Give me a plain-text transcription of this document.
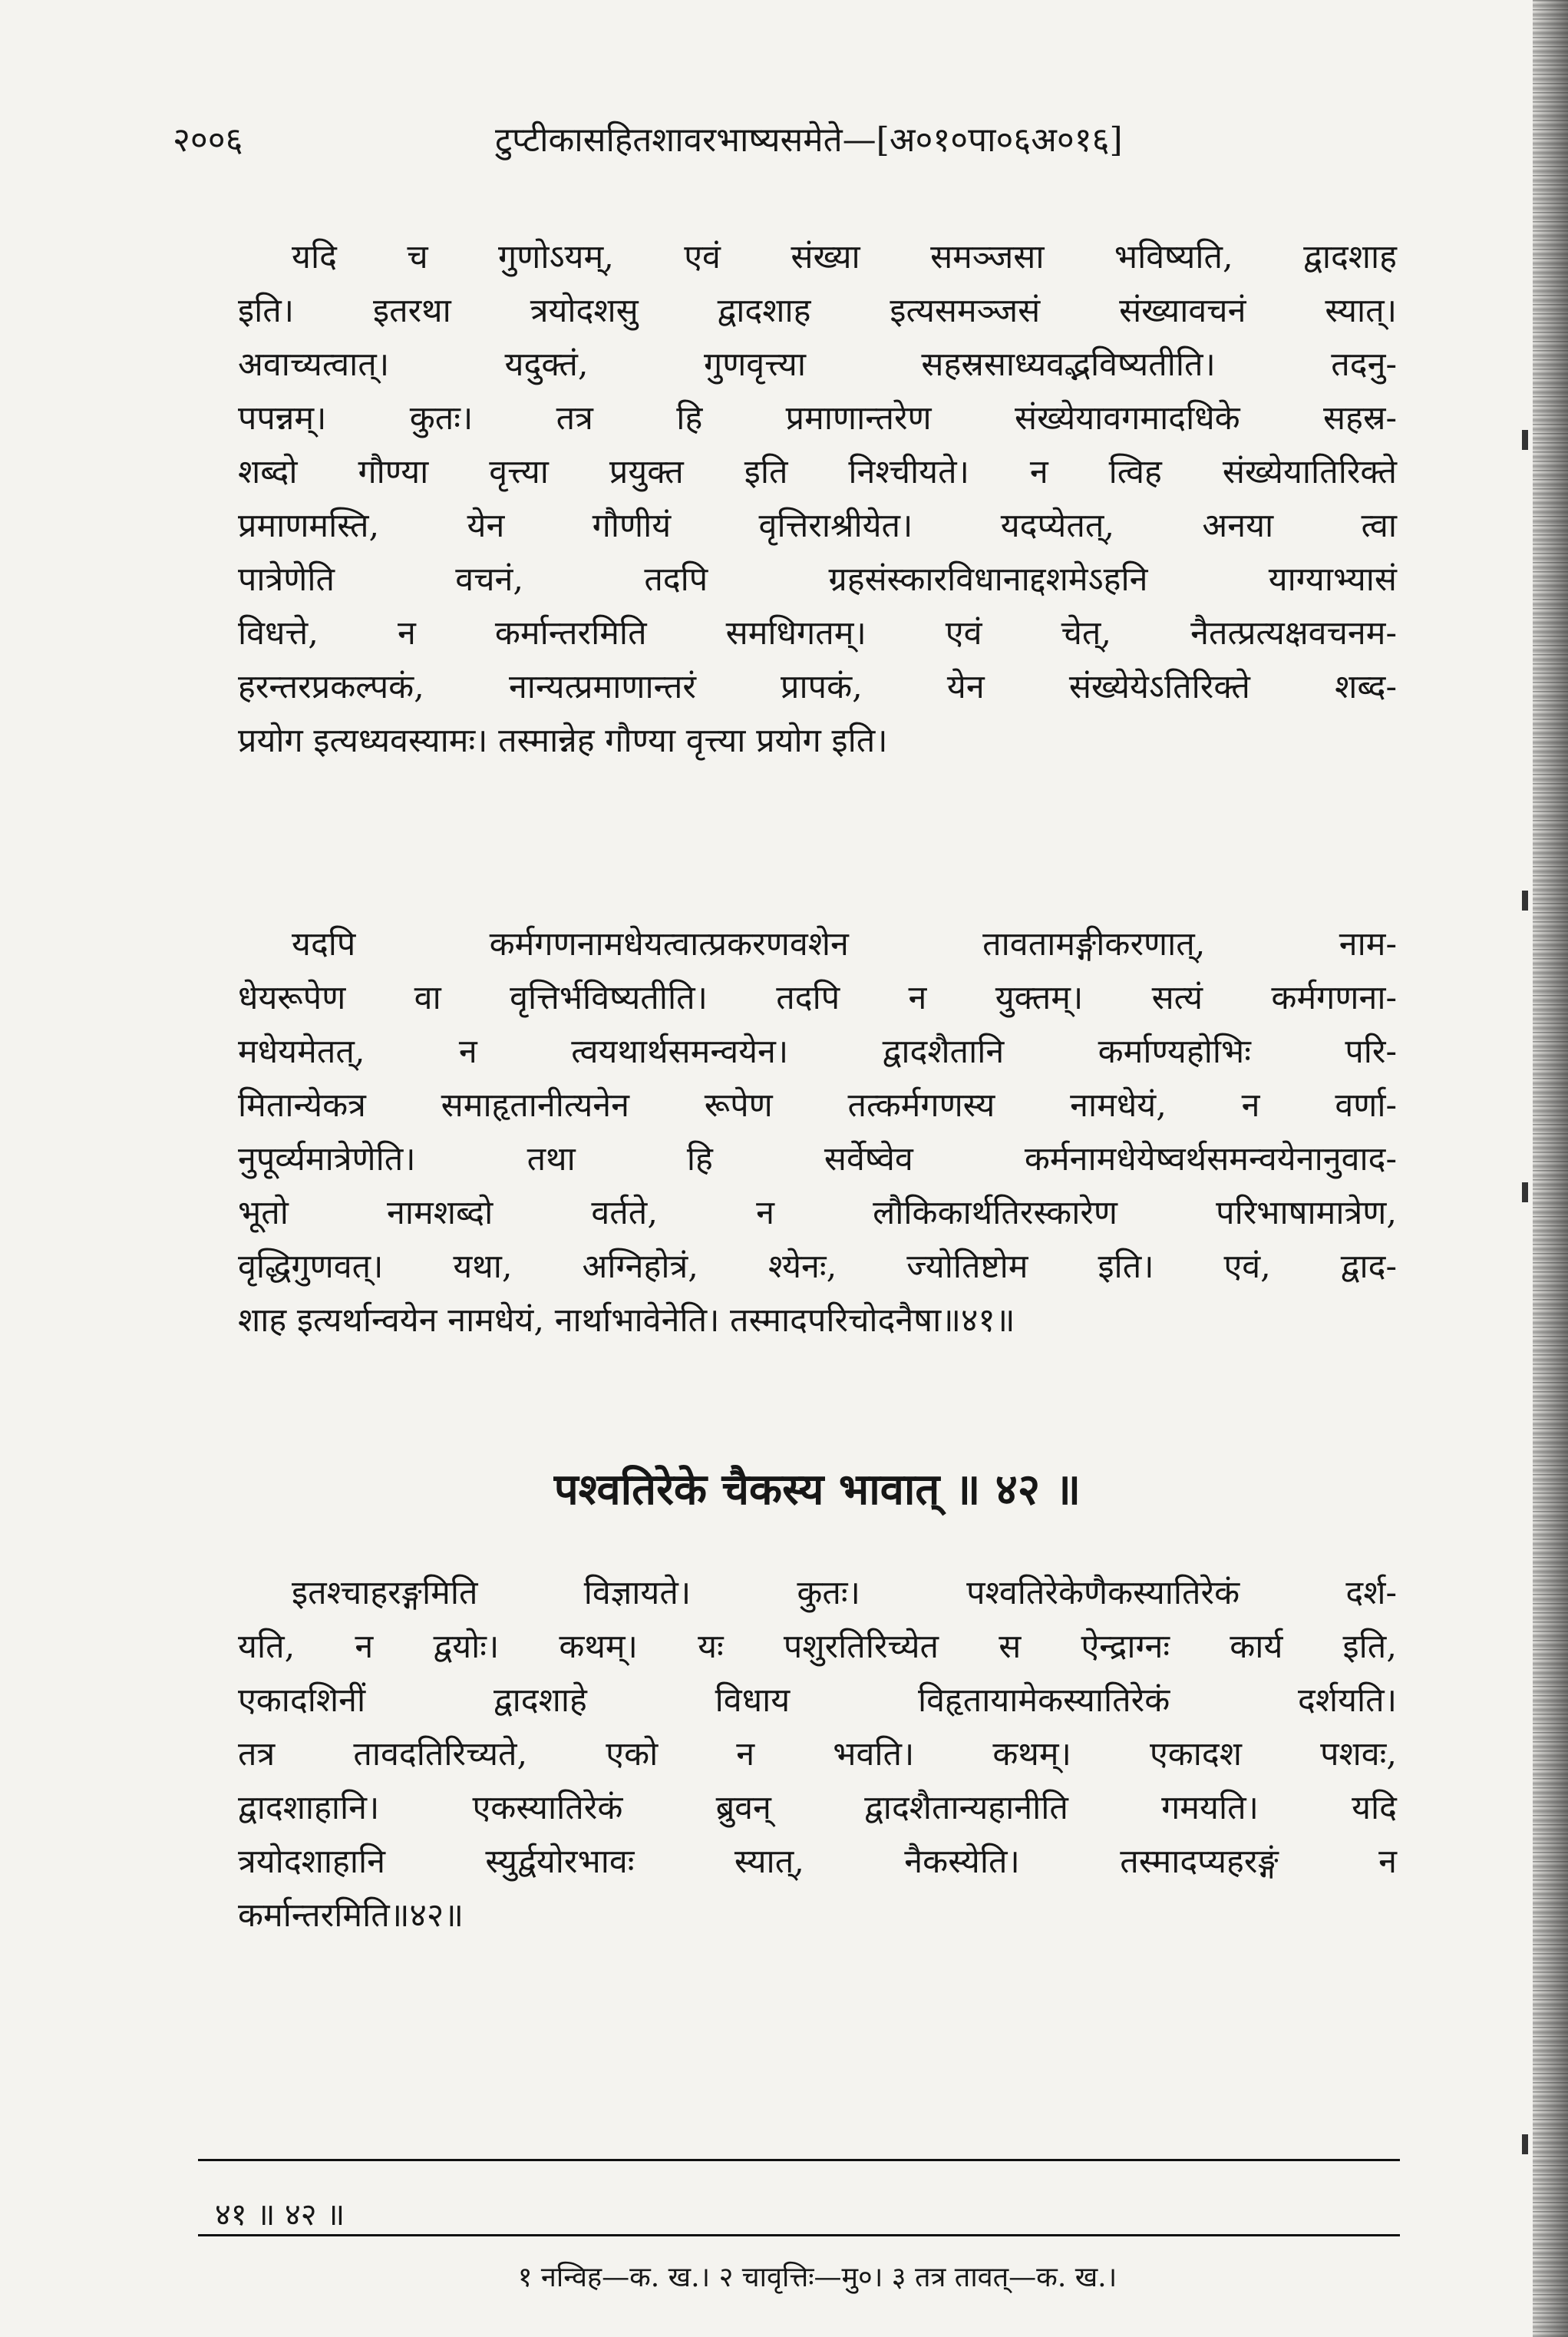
२००६	टुप्टीकासहितशावरभाष्यसमेते—[अ०१०पा०६अ०१६]
यदि च गुणोऽयम्, एवं संख्या समञ्जसा भविष्यति, द्वादशाह
इति। इतरथा त्रयोदशसु द्वादशाह इत्यसमञ्जसं संख्यावचनं स्यात्।
अवाच्यत्वात्। यदुक्तं, गुणवृत्त्या सहस्रसाध्यवद्भविष्यतीति। तदनु-
पपन्नम्। कुतः। तत्र हि प्रमाणान्तरेण संख्येयावगमादधिके सहस्र-
शब्दो गौण्या वृत्त्या प्रयुक्त इति निश्चीयते। न त्विह संख्येयातिरिक्ते
प्रमाणमस्ति, येन गौणीयं वृत्तिराश्रीयेत। यदप्येतत्, अनया त्वा
पात्रेणेति वचनं, तदपि ग्रहसंस्कारविधानाद्दशमेऽहनि याग्याभ्यासं
विधत्ते, न कर्मान्तरमिति समधिगतम्। एवं चेत्, नैतत्प्रत्यक्षवचनम-
हरन्तरप्रकल्पकं, नान्यत्प्रमाणान्तरं प्रापकं, येन संख्येयेऽतिरिक्ते शब्द-
प्रयोग इत्यध्यवस्यामः। तस्मान्नेह गौण्या वृत्त्या प्रयोग इति।
यदपि कर्मगणनामधेयत्वात्प्रकरणवशेन तावतामङ्गीकरणात्, नाम-
धेयरूपेण वा वृत्तिर्भविष्यतीति। तदपि न युक्तम्। सत्यं कर्मगणना-
मधेयमेतत्, न त्वयथार्थसमन्वयेन। द्वादशैतानि कर्माण्यहोभिः परि-
मितान्येकत्र समाहृतानीत्यनेन रूपेण तत्कर्मगणस्य नामधेयं, न वर्णा-
नुपूर्व्यमात्रेणेति। तथा हि सर्वेष्वेव कर्मनामधेयेष्वर्थसमन्वयेनानुवाद-
भूतो नामशब्दो वर्तते, न लौकिकार्थतिरस्कारेण परिभाषामात्रेण,
वृद्धिगुणवत्। यथा, अग्निहोत्रं, श्येनः, ज्योतिष्टोम इति। एवं, द्वाद-
शाह इत्यर्थान्वयेन नामधेयं, नार्थाभावेनेति। तस्मादपरिचोदनैषा॥४१॥
पश्वतिरेके चैकस्य भावात् ॥ ४२ ॥
इतश्चाहरङ्गमिति विज्ञायते। कुतः। पश्वतिरेकेणैकस्यातिरेकं दर्श-
यति, न द्वयोः। कथम्। यः पशुरतिरिच्येत स ऐन्द्राग्नः कार्य इति,
एकादशिनीं द्वादशाहे विधाय विहृतायामेकस्यातिरेकं दर्शयति।
तत्र तावदतिरिच्यते, एको न भवति। कथम्। एकादश पशवः,
द्वादशाहानि। एकस्यातिरेकं ब्रुवन् द्वादशैतान्यहानीति गमयति। यदि
त्रयोदशाहानि स्युर्द्वयोरभावः स्यात्, नैकस्येति। तस्मादप्यहरङ्गं न
कर्मान्तरमिति॥४२॥
४१ ॥ ४२ ॥
१ नन्विह—क. ख.। २ चावृत्तिः—मु०। ३ तत्र तावत्—क. ख.।
